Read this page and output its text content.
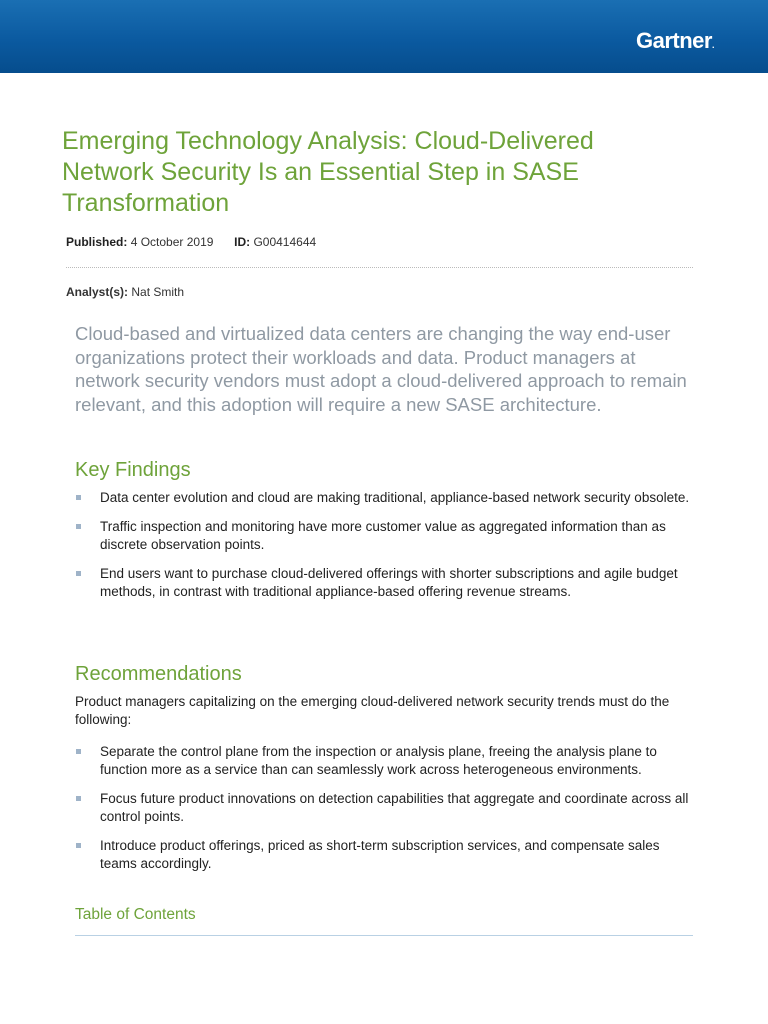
Gartner.
Emerging Technology Analysis: Cloud-Delivered Network Security Is an Essential Step in SASE Transformation
Published: 4 October 2019 ID: G00414644
Analyst(s): Nat Smith

Cloud-based and virtualized data centers are changing the way end-user organizations protect their workloads and data. Product managers at network security vendors must adopt a cloud-delivered approach to remain relevant, and this adoption will require a new SASE architecture.

Key Findings
Data center evolution and cloud are making traditional, appliance-based network security obsolete.
Traffic inspection and monitoring have more customer value as aggregated information than as discrete observation points.
End users want to purchase cloud-delivered offerings with shorter subscriptions and agile budget methods, in contrast with traditional appliance-based offering revenue streams.
Recommendations

Product managers capitalizing on the emerging cloud-delivered network security trends must do the following:

Separate the control plane from the inspection or analysis plane, freeing the analysis plane to function more as a service than can seamlessly work across heterogeneous environments.
Focus future product innovations on detection capabilities that aggregate and coordinate across all control points.
Introduce product offerings, priced as short-term subscription services, and compensate sales teams accordingly.
Table of Contents
